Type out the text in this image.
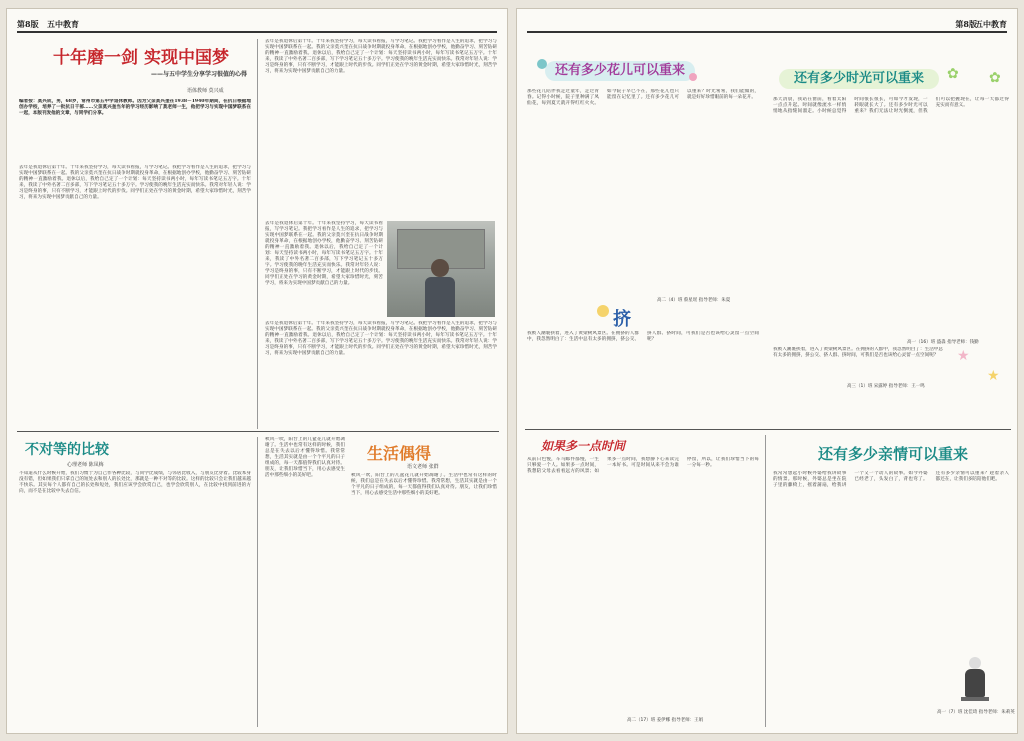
第8版 五中教育
十年磨一剑 实现中国梦
——与五中学生分享学习很值的心得
语体教师 莫兴成
编者按：莫兴成，男，68岁，常州市第五中学退休教师。因为父亲莫兴奎在1938－1940年期间，在抗日根据地创办学校，培养了一批抗日干部……父亲莫兴奎当年的学习经历影响了莫老师一生，他把学习与实现中国梦联系在一起，本版刊发他的文章，与同学们分享。
去年是我退休后第十年。十年来我坚持学习，每天读书看报，写学习笔记。我把学习看作是人生的追求，把学习与实现中国梦联系在一起。我的父亲莫兴奎在抗日战争时期就投身革命，在根据地创办学校，他勤奋学习、刻苦钻研的精神一直激励着我。退休以后，我给自己定了一个计划：每天坚持读书两小时，每年写读书笔记五万字。十年来，我读了中外名著二百多部，写下学习笔记五十多万字。学习使我的晚年生活充实而快乐。我常对年轻人说：学习是终身的事，只有不断学习，才能跟上时代的步伐。同学们正处在学习的黄金时期，希望大家珍惜时光，刻苦学习，将来为实现中国梦贡献自己的力量。
去年是我退休后第十年。十年来我坚持学习，每天读书看报，写学习笔记。我把学习看作是人生的追求，把学习与实现中国梦联系在一起。我的父亲莫兴奎在抗日战争时期就投身革命，在根据地创办学校，他勤奋学习、刻苦钻研的精神一直激励着我。退休以后，我给自己定了一个计划：每天坚持读书两小时，每年写读书笔记五万字。十年来，我读了中外名著二百多部，写下学习笔记五十多万字。学习使我的晚年生活充实而快乐。我常对年轻人说：学习是终身的事，只有不断学习，才能跟上时代的步伐。同学们正处在学习的黄金时期，希望大家珍惜时光，刻苦学习，将来为实现中国梦贡献自己的力量。
去年是我退休后第十年。十年来我坚持学习，每天读书看报，写学习笔记。我把学习看作是人生的追求，把学习与实现中国梦联系在一起。我的父亲莫兴奎在抗日战争时期就投身革命，在根据地创办学校，他勤奋学习、刻苦钻研的精神一直激励着我。退休以后，我给自己定了一个计划：每天坚持读书两小时，每年写读书笔记五万字。十年来，我读了中外名著二百多部，写下学习笔记五十多万字。学习使我的晚年生活充实而快乐。我常对年轻人说：学习是终身的事，只有不断学习，才能跟上时代的步伐。同学们正处在学习的黄金时期，希望大家珍惜时光，刻苦学习，将来为实现中国梦贡献自己的力量。
去年是我退休后第十年。十年来我坚持学习，每天读书看报，写学习笔记。我把学习看作是人生的追求，把学习与实现中国梦联系在一起。我的父亲莫兴奎在抗日战争时期就投身革命，在根据地创办学校，他勤奋学习、刻苦钻研的精神一直激励着我。退休以后，我给自己定了一个计划：每天坚持读书两小时，每年写读书笔记五万字。十年来，我读了中外名著二百多部，写下学习笔记五十多万字。学习使我的晚年生活充实而快乐。我常对年轻人说：学习是终身的事，只有不断学习，才能跟上时代的步伐。同学们正处在学习的黄金时期，希望大家珍惜时光，刻苦学习，将来为实现中国梦贡献自己的力量。
不对等的比较
心理老师 陈凤梅
不知道从什么时候开始，我们习惯于为自己作各种比较，与同学比成绩，与邻居比收入，与朋友比穿着。比较本身没有错，但如果我们只拿自己的短处去和别人的长处比，那就是一种不对等的比较。这样的比较只会让我们越来越不快乐。其实每个人都有自己的长处和短处，我们应该学会欣赏自己，也学会欣赏别人，在比较中找到前进的方向，而不是在比较中失去自信。
秋风一吹，阳台上的几盆花儿就开始凋谢了。生活中也常有这样的时候，我们总是在失去以后才懂得珍惜。我常常想，生活其实就是由一个个平凡的日子组成的，每一天都值得我们认真对待。朋友，让我们珍惜当下，用心去感受生活中那些细小的美好吧。
生活偶得
语文老师 张群
秋风一吹，阳台上的几盆花儿就开始凋谢了。生活中也常有这样的时候，我们总是在失去以后才懂得珍惜。我常常想，生活其实就是由一个个平凡的日子组成的，每一天都值得我们认真对待。朋友，让我们珍惜当下，用心去感受生活中那些细小的美好吧。
第8版
五中教育
还有多少花儿可以重来
那些花儿陪伴我走过童年，走过青春。记得小时候，院子里种满了凤仙花，每到夏天就开得红红火火。如今院子早已不在，那些花儿也只能留在记忆里了。还有多少花儿可以重来？时光匆匆，我们能做的，就是好好珍惜眼前的每一朵花开。
高二（4）班 蔡星瑶 指导老师：朱夏
还有多少时光可以重来	✿ ✿
那天清晨，我站在窗前，看着太阳一点点升起。时间就像流水一样悄悄地从指缝间溜走。小时候总觉得时间很长很长，可如今才发现，一转眼就长大了。还有多少时光可以重来？我们无法让时光倒流，但我们可以把握现在，让每一天都过得充实而有意义。
高一（16）班 盛淼 指导老师：钱勤
★
★
挤
我被人潮裹挟着，进入了黄梁树风景区。在拥挤的人群中，我忽然明白了：生活中总有太多的拥挤，挤公交、挤人群、挤时间，可我们是否也该给心灵留一点空间呢？
高三（1）班 宋露婷 指导老师：王一鸣
我被人潮裹挟着，进入了黄梁树风景区。在拥挤的人群中，我忽然明白了：生活中总有太多的拥挤，挤公交、挤人群、挤时间，可我们是否也该给心灵留一点空间呢？
如果多一点时间
从前日色慢，车马邮件都慢，一生只够爱一个人。如果多一点时间，我想陪父母去看看远方的风景；如果多一点时间，我想静下心来读完一本好书。可是时间从来不会为谁停留，所以，让我们珍惜当下的每一分每一秒。
高二（17）班 姜伊娜 指导老师：王娟
还有多少亲情可以重来
我常常想起小时候外婆给我讲故事的情景。那时候，外婆总是坐在院子里的藤椅上，摇着蒲扇，给我讲一个又一个动人的故事。如今外婆已经老了，头发白了，背也弯了。还有多少亲情可以重来？趁着亲人都还在，让我们多陪陪他们吧。
高一（7）班 沈佳琦 指导老师：朱莉英
